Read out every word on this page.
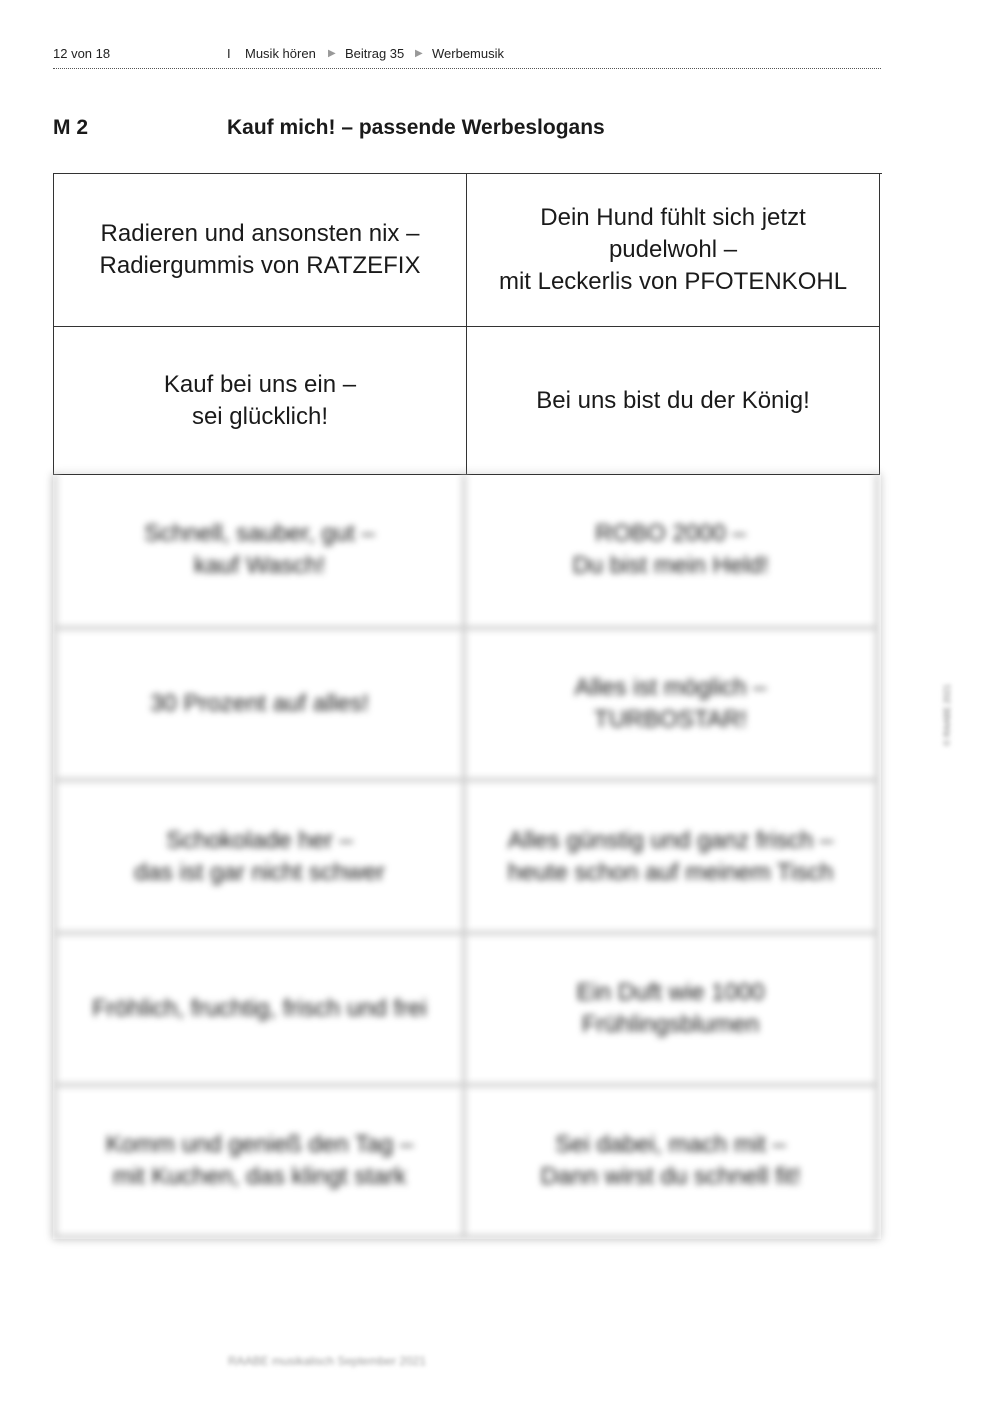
12 von 18	I Musik hören ▶ Beitrag 35 ▶ Werbemusik
M 2	Kauf mich! – passende Werbeslogans
Radieren und ansonsten nix –
Radiergummis von RATZEFIX
Dein Hund fühlt sich jetzt
pudelwohl –
mit Leckerlis von PFOTENKOHL
Kauf bei uns ein –
sei glücklich!
Bei uns bist du der König!
Schnell, sauber, gut –
kauf Wasch!
ROBO 2000 –
Du bist mein Held!
30 Prozent auf alles!
Alles ist möglich –
TURBOSTAR!
Schokolade her –
das ist gar nicht schwer
Alles günstig und ganz frisch –
heute schon auf meinem Tisch
Fröhlich, fruchtig, frisch und frei
Ein Duft wie 1000
Frühlingsblumen
Komm und genieß den Tag –
mit Kuchen, das klingt stark
Sei dabei, mach mit –
Dann wirst du schnell fit!
© RAABE 2021
RAABE musikalisch September 2021
